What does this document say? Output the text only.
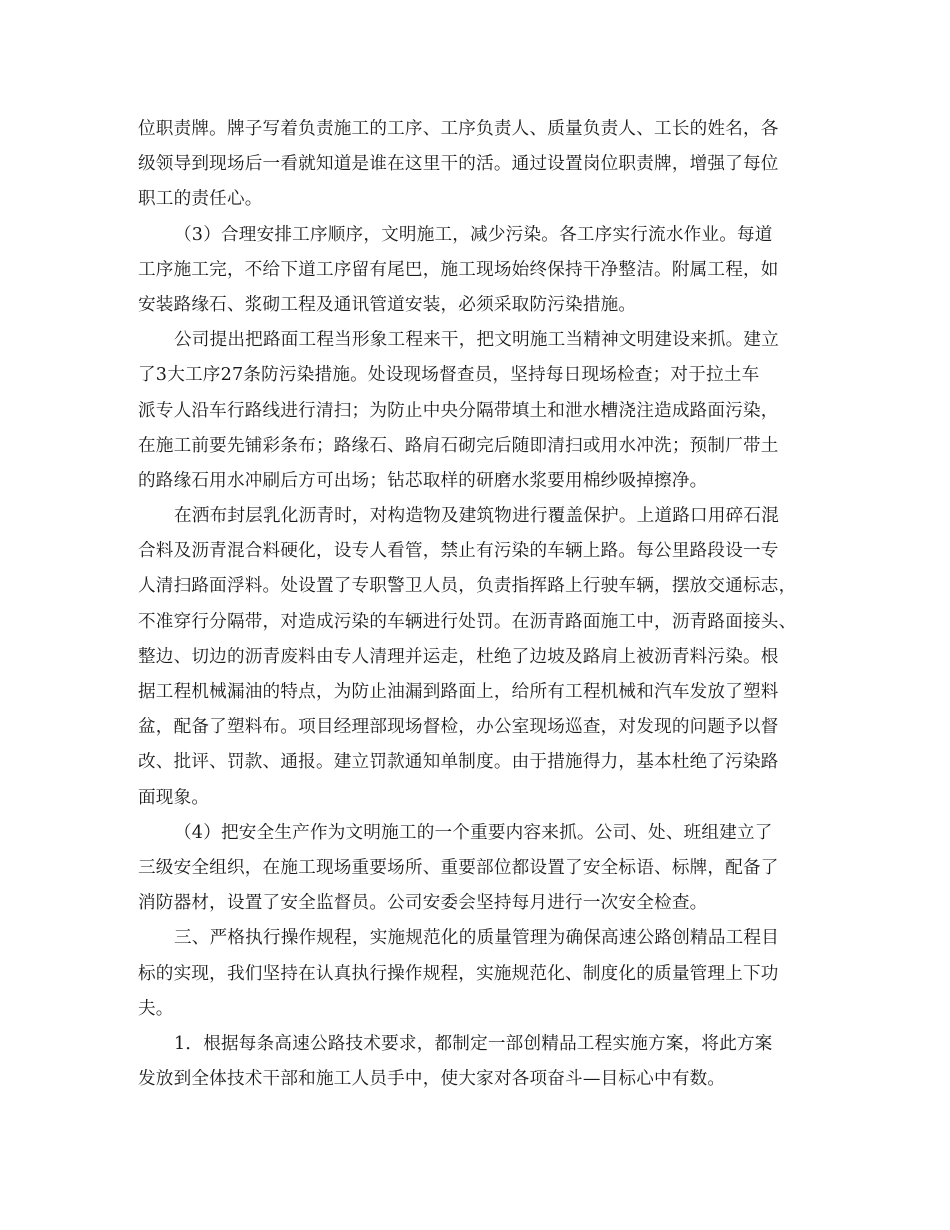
位职责牌。牌子写着负责施工的工序、工序负责人、质量负责人、工长的姓名，各
级领导到现场后一看就知道是谁在这里干的活。通过设置岗位职责牌，增强了每位
职工的责任心。
（3）合理安排工序顺序，文明施工，减少污染。各工序实行流水作业。每道
工序施工完，不给下道工序留有尾巴，施工现场始终保持干净整洁。附属工程，如
安装路缘石、浆砌工程及通讯管道安装，必须采取防污染措施。
公司提出把路面工程当形象工程来干，把文明施工当精神文明建设来抓。建立
了3大工序27条防污染措施。处设现场督查员，坚持每日现场检查；对于拉土车
派专人沿车行路线进行清扫；为防止中央分隔带填土和泄水槽浇注造成路面污染，
在施工前要先铺彩条布；路缘石、路肩石砌完后随即清扫或用水冲洗；预制厂带土
的路缘石用水冲刷后方可出场；钻芯取样的研磨水浆要用棉纱吸掉擦净。
在洒布封层乳化沥青时，对构造物及建筑物进行覆盖保护。上道路口用碎石混
合料及沥青混合料硬化，设专人看管，禁止有污染的车辆上路。每公里路段设一专
人清扫路面浮料。处设置了专职警卫人员，负责指挥路上行驶车辆，摆放交通标志，
不准穿行分隔带，对造成污染的车辆进行处罚。在沥青路面施工中，沥青路面接头、
整边、切边的沥青废料由专人清理并运走，杜绝了边坡及路肩上被沥青料污染。根
据工程机械漏油的特点，为防止油漏到路面上，给所有工程机械和汽车发放了塑料
盆，配备了塑料布。项目经理部现场督检，办公室现场巡查，对发现的问题予以督
改、批评、罚款、通报。建立罚款通知单制度。由于措施得力，基本杜绝了污染路
面现象。
（4）把安全生产作为文明施工的一个重要内容来抓。公司、处、班组建立了
三级安全组织，在施工现场重要场所、重要部位都设置了安全标语、标牌，配备了
消防器材，设置了安全监督员。公司安委会坚持每月进行一次安全检查。
三、严格执行操作规程，实施规范化的质量管理为确保高速公路创精品工程目
标的实现，我们坚持在认真执行操作规程，实施规范化、制度化的质量管理上下功
夫。
1．根据每条高速公路技术要求，都制定一部创精品工程实施方案，将此方案
发放到全体技术干部和施工人员手中，使大家对各项奋斗—目标心中有数。
